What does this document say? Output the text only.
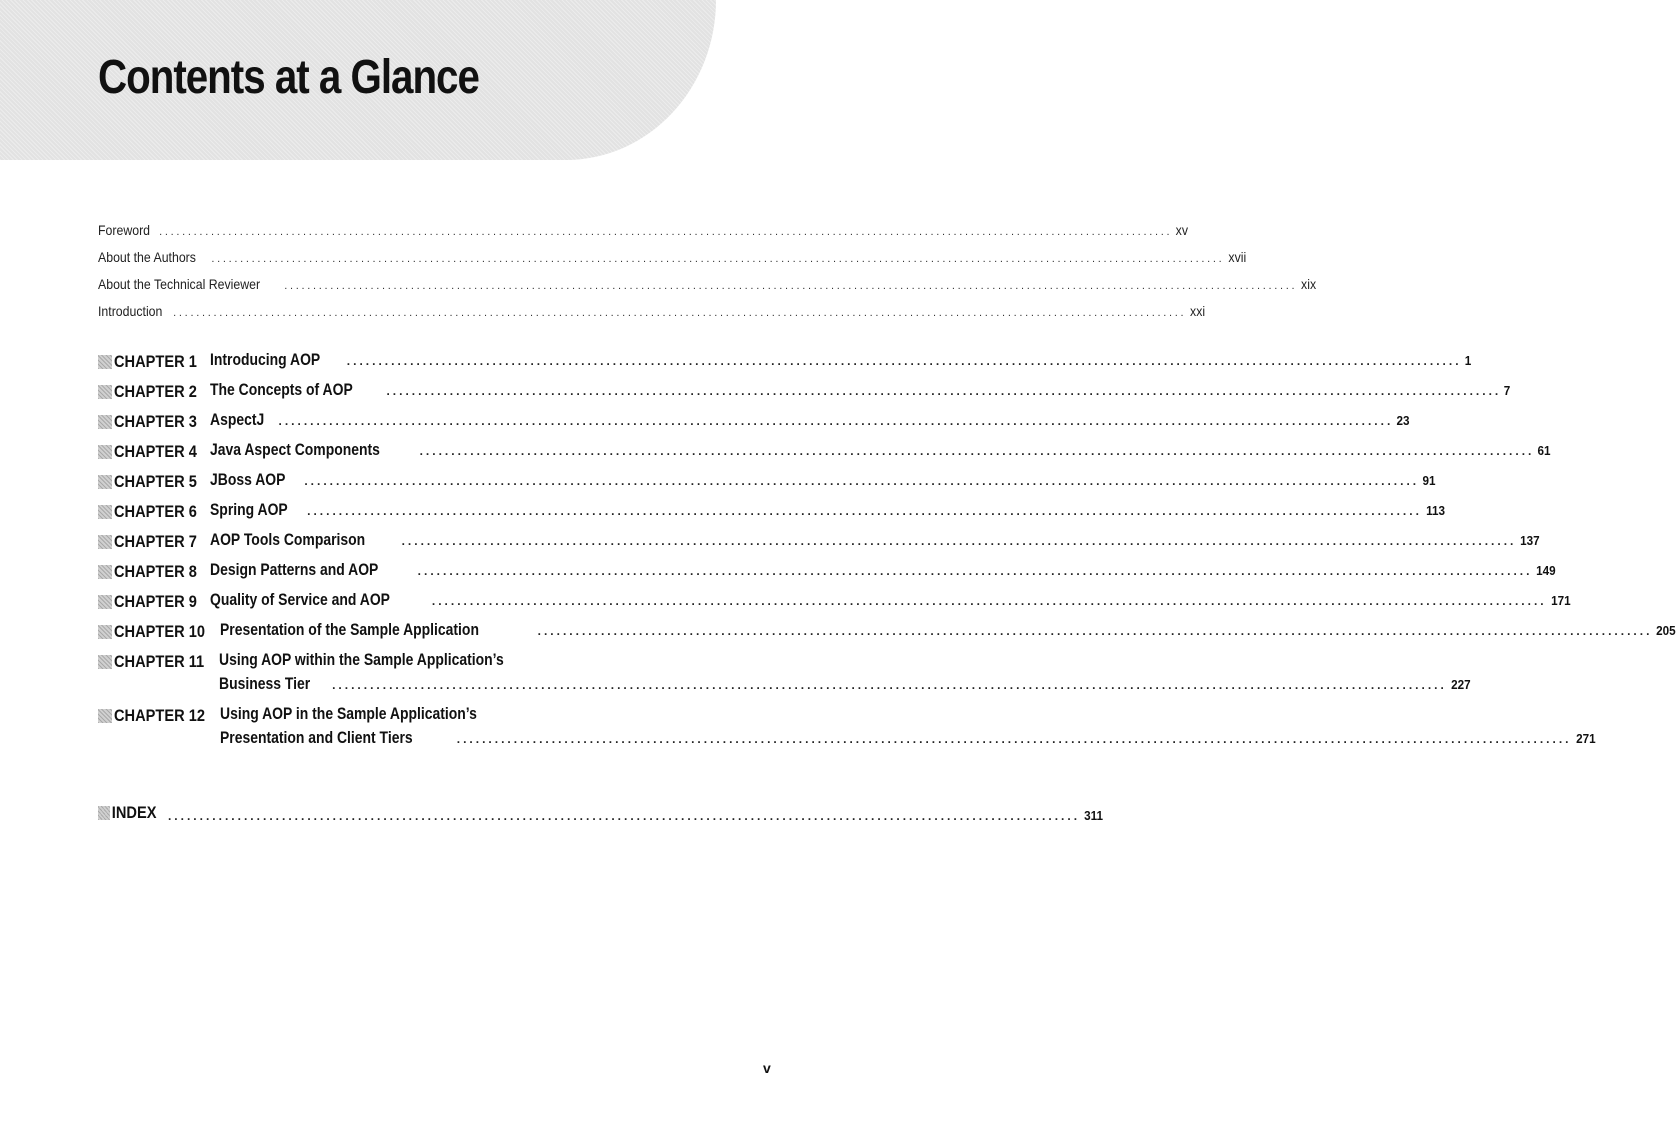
Contents at a Glance
Foreword ................................................................................................................................................................................ xv
About the Authors ................................................................................................................................................................................ xvii
About the Technical Reviewer ................................................................................................................................................................................ xix
Introduction ................................................................................................................................................................................ xxi
CHAPTER 1 Introducing AOP ................................................................................................................................................................................ 1
CHAPTER 2 The Concepts of AOP	................................................................................................................................................................................ 7
CHAPTER 3 AspectJ ................................................................................................................................................................................ 23
CHAPTER 4 Java Aspect Components	................................................................................................................................................................................ 61
CHAPTER 5 JBoss AOP ................................................................................................................................................................................ 91
CHAPTER 6 Spring AOP ................................................................................................................................................................................ 113
CHAPTER 7 AOP Tools Comparison	................................................................................................................................................................................ 137
CHAPTER 8 Design Patterns and AOP	................................................................................................................................................................................ 149
CHAPTER 9 Quality of Service and AOP	................................................................................................................................................................................ 171
CHAPTER 10 Presentation of the Sample Application	................................................................................................................................................................................ 205
CHAPTER 11 Using AOP within the Sample Application’s
Business Tier ................................................................................................................................................................................ 227
CHAPTER 12 Using AOP in the Sample Application’s
Presentation and Client Tiers	................................................................................................................................................................................ 271
INDEX ................................................................................................................................................ 311
v
